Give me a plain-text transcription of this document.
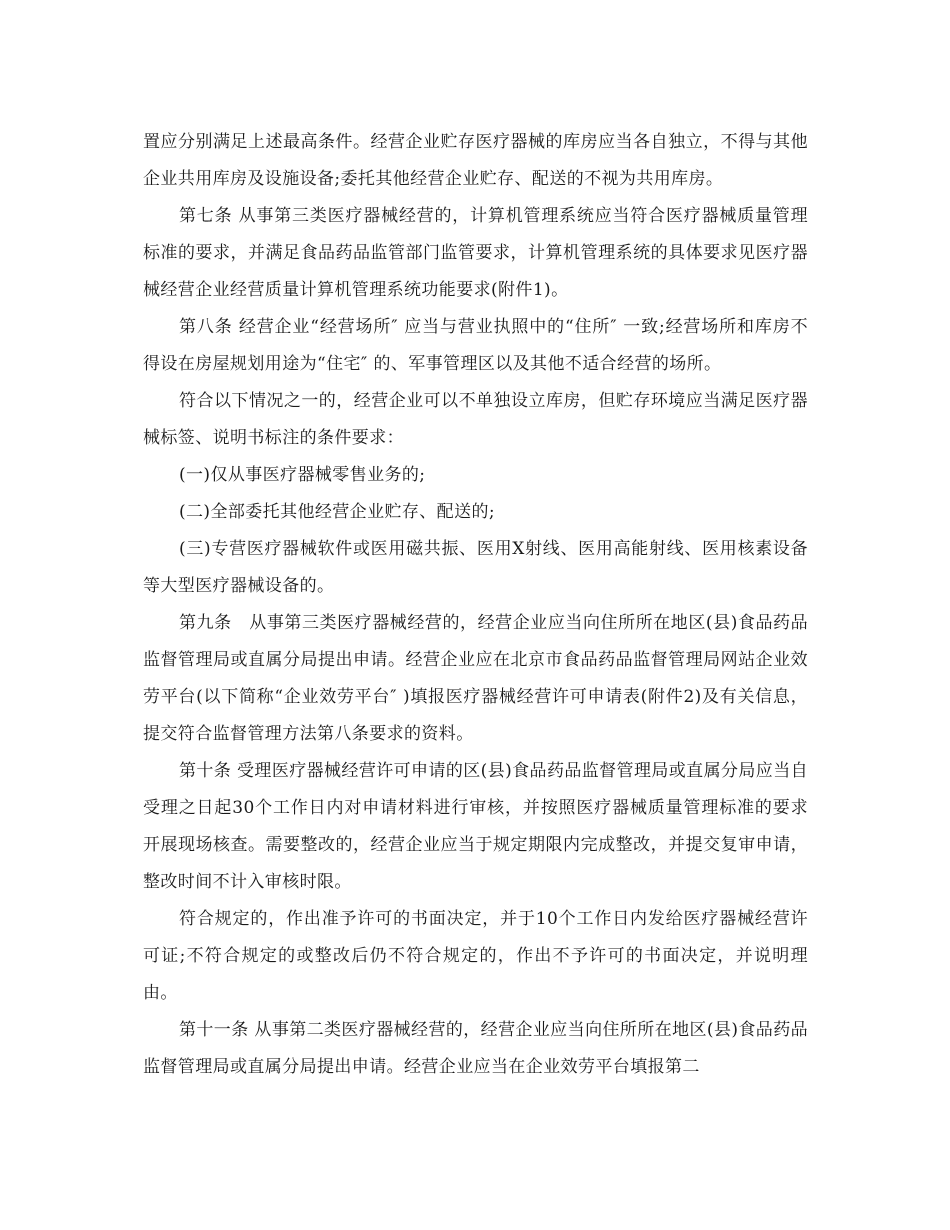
置应分别满足上述最高条件。经营企业贮存医疗器械的库房应当各自独立，不得与其他企业共用库房及设施设备;委托其他经营企业贮存、配送的不视为共用库房。

第七条 从事第三类医疗器械经营的，计算机管理系统应当符合医疗器械质量管理标准的要求，并满足食品药品监管部门监管要求，计算机管理系统的具体要求见医疗器械经营企业经营质量计算机管理系统功能要求(附件1)。

第八条 经营企业“经营场所″ 应当与营业执照中的“住所″ 一致;经营场所和库房不得设在房屋规划用途为“住宅″ 的、军事管理区以及其他不适合经营的场所。

符合以下情况之一的，经营企业可以不单独设立库房，但贮存环境应当满足医疗器械标签、说明书标注的条件要求：

(一)仅从事医疗器械零售业务的;

(二)全部委托其他经营企业贮存、配送的;

(三)专营医疗器械软件或医用磁共振、医用X射线、医用高能射线、医用核素设备等大型医疗器械设备的。

第九条　从事第三类医疗器械经营的，经营企业应当向住所所在地区(县)食品药品监督管理局或直属分局提出申请。经营企业应在北京市食品药品监督管理局网站企业效劳平台(以下简称“企业效劳平台″ )填报医疗器械经营许可申请表(附件2)及有关信息，提交符合监督管理方法第八条要求的资料。

第十条 受理医疗器械经营许可申请的区(县)食品药品监督管理局或直属分局应当自受理之日起30个工作日内对申请材料进行审核，并按照医疗器械质量管理标准的要求开展现场核查。需要整改的，经营企业应当于规定期限内完成整改，并提交复审申请，整改时间不计入审核时限。

符合规定的，作出准予许可的书面决定，并于10个工作日内发给医疗器械经营许可证;不符合规定的或整改后仍不符合规定的，作出不予许可的书面决定，并说明理由。

第十一条 从事第二类医疗器械经营的，经营企业应当向住所所在地区(县)食品药品监督管理局或直属分局提出申请。经营企业应当在企业效劳平台填报第二
